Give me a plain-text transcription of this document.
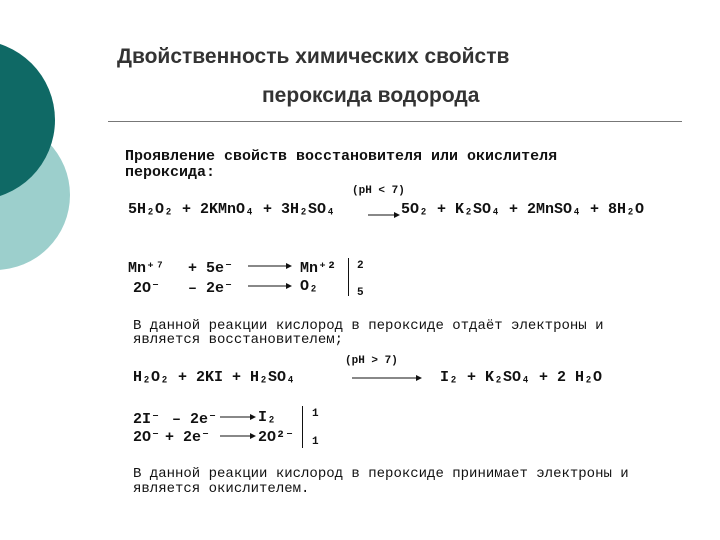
Двойственность химических свойств
пероксида водорода
Проявление свойств восстановителя или окислителя
пероксида:
(pH < 7)
5H₂O₂ + 2KMnO₄ + 3H₂SO₄	5O₂ + K₂SO₄ + 2MnSO₄ + 8H₂O
Mn⁺⁷ + 5e⁻	Mn⁺² 2
2O⁻ – 2e⁻	O₂	5
В данной реакции кислород в пероксиде отдаёт электроны и
является восстановителем;
(pH > 7)
H₂O₂ + 2KI + H₂SO₄	I₂ + K₂SO₄ + 2 H₂O
2I⁻ – 2e⁻	I₂	1
2O⁻ + 2e⁻	2O²⁻ 1
В данной реакции кислород в пероксиде принимает электроны и
является окислителем.
